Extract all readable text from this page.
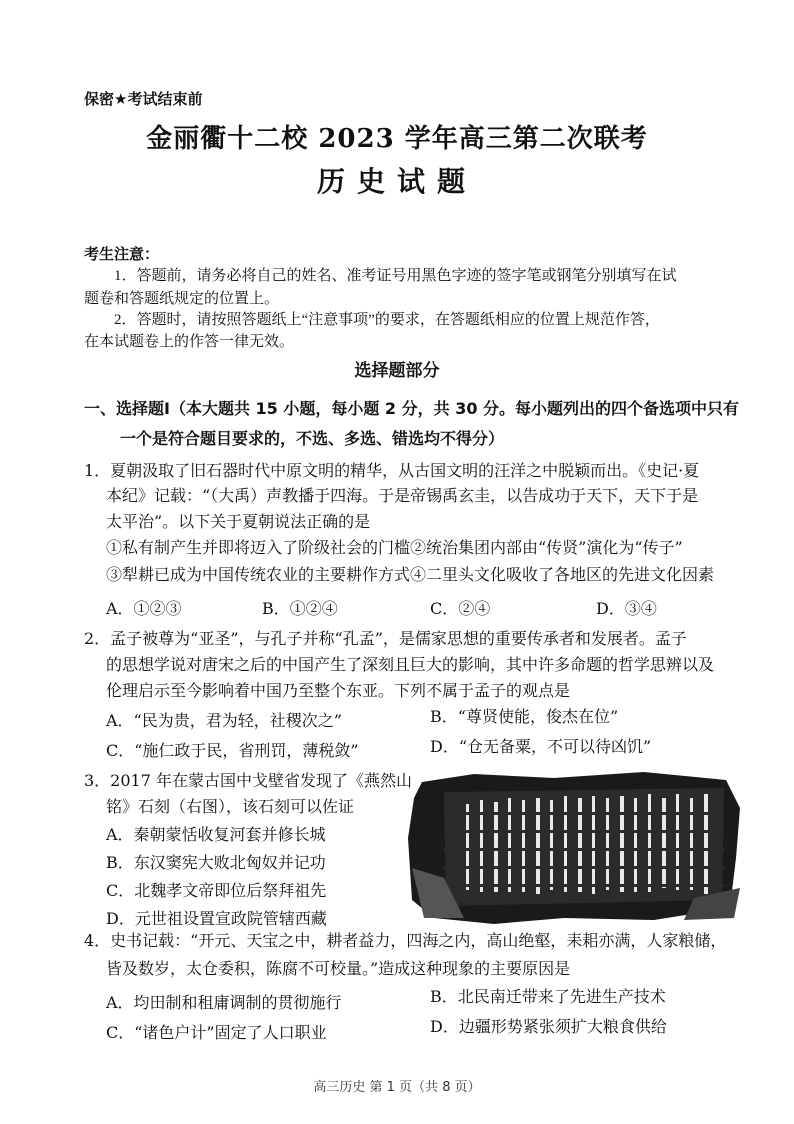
保密★考试结束前
金丽衢十二校 2023 学年高三第二次联考
历史试题
考生注意：
1．答题前，请务必将自己的姓名、准考证号用黑色字迹的签字笔或钢笔分别填写在试
题卷和答题纸规定的位置上。
2．答题时，请按照答题纸上“注意事项”的要求，在答题纸相应的位置上规范作答，
在本试题卷上的作答一律无效。
选择题部分
一、选择题Ⅰ（本大题共 15 小题，每小题 2 分，共 30 分。每小题列出的四个备选项中只有
一个是符合题目要求的，不选、多选、错选均不得分）
1．夏朝汲取了旧石器时代中原文明的精华，从古国文明的汪洋之中脱颖而出。《史记·夏
本纪》记载：“（大禹）声教播于四海。于是帝锡禹玄圭，以告成功于天下，天下于是
太平治”。以下关于夏朝说法正确的是
①私有制产生并即将迈入了阶级社会的门槛②统治集团内部由“传贤”演化为“传子”
③犁耕已成为中国传统农业的主要耕作方式④二里头文化吸收了各地区的先进文化因素
A．①②③	B．①②④	C．②④	D．③④
2．孟子被尊为“亚圣”，与孔子并称“孔孟”，是儒家思想的重要传承者和发展者。孟子
的思想学说对唐宋之后的中国产生了深刻且巨大的影响，其中许多命题的哲学思辨以及
伦理启示至今影响着中国乃至整个东亚。下列不属于孟子的观点是
A．“民为贵，君为轻，社稷次之”	B．“尊贤使能，俊杰在位”
C．“施仁政于民，省刑罚，薄税敛”	D．“仓无备粟，不可以待凶饥”
3．2017 年在蒙古国中戈壁省发现了《燕然山
铭》石刻（右图），该石刻可以佐证
A．秦朝蒙恬收复河套并修长城
B．东汉窦宪大败北匈奴并记功
C．北魏孝文帝即位后祭拜祖先
D．元世祖设置宣政院管辖西藏
4．史书记载：“开元、天宝之中，耕者益力，四海之内，高山绝壑，耒耜亦满，人家粮储，
皆及数岁，太仓委积，陈腐不可校量。”造成这种现象的主要原因是
A．均田制和租庸调制的贯彻施行	B．北民南迁带来了先进生产技术
C．“诸色户计”固定了人口职业	D．边疆形势紧张须扩大粮食供给
高三历史 第 1 页（共 8 页）
